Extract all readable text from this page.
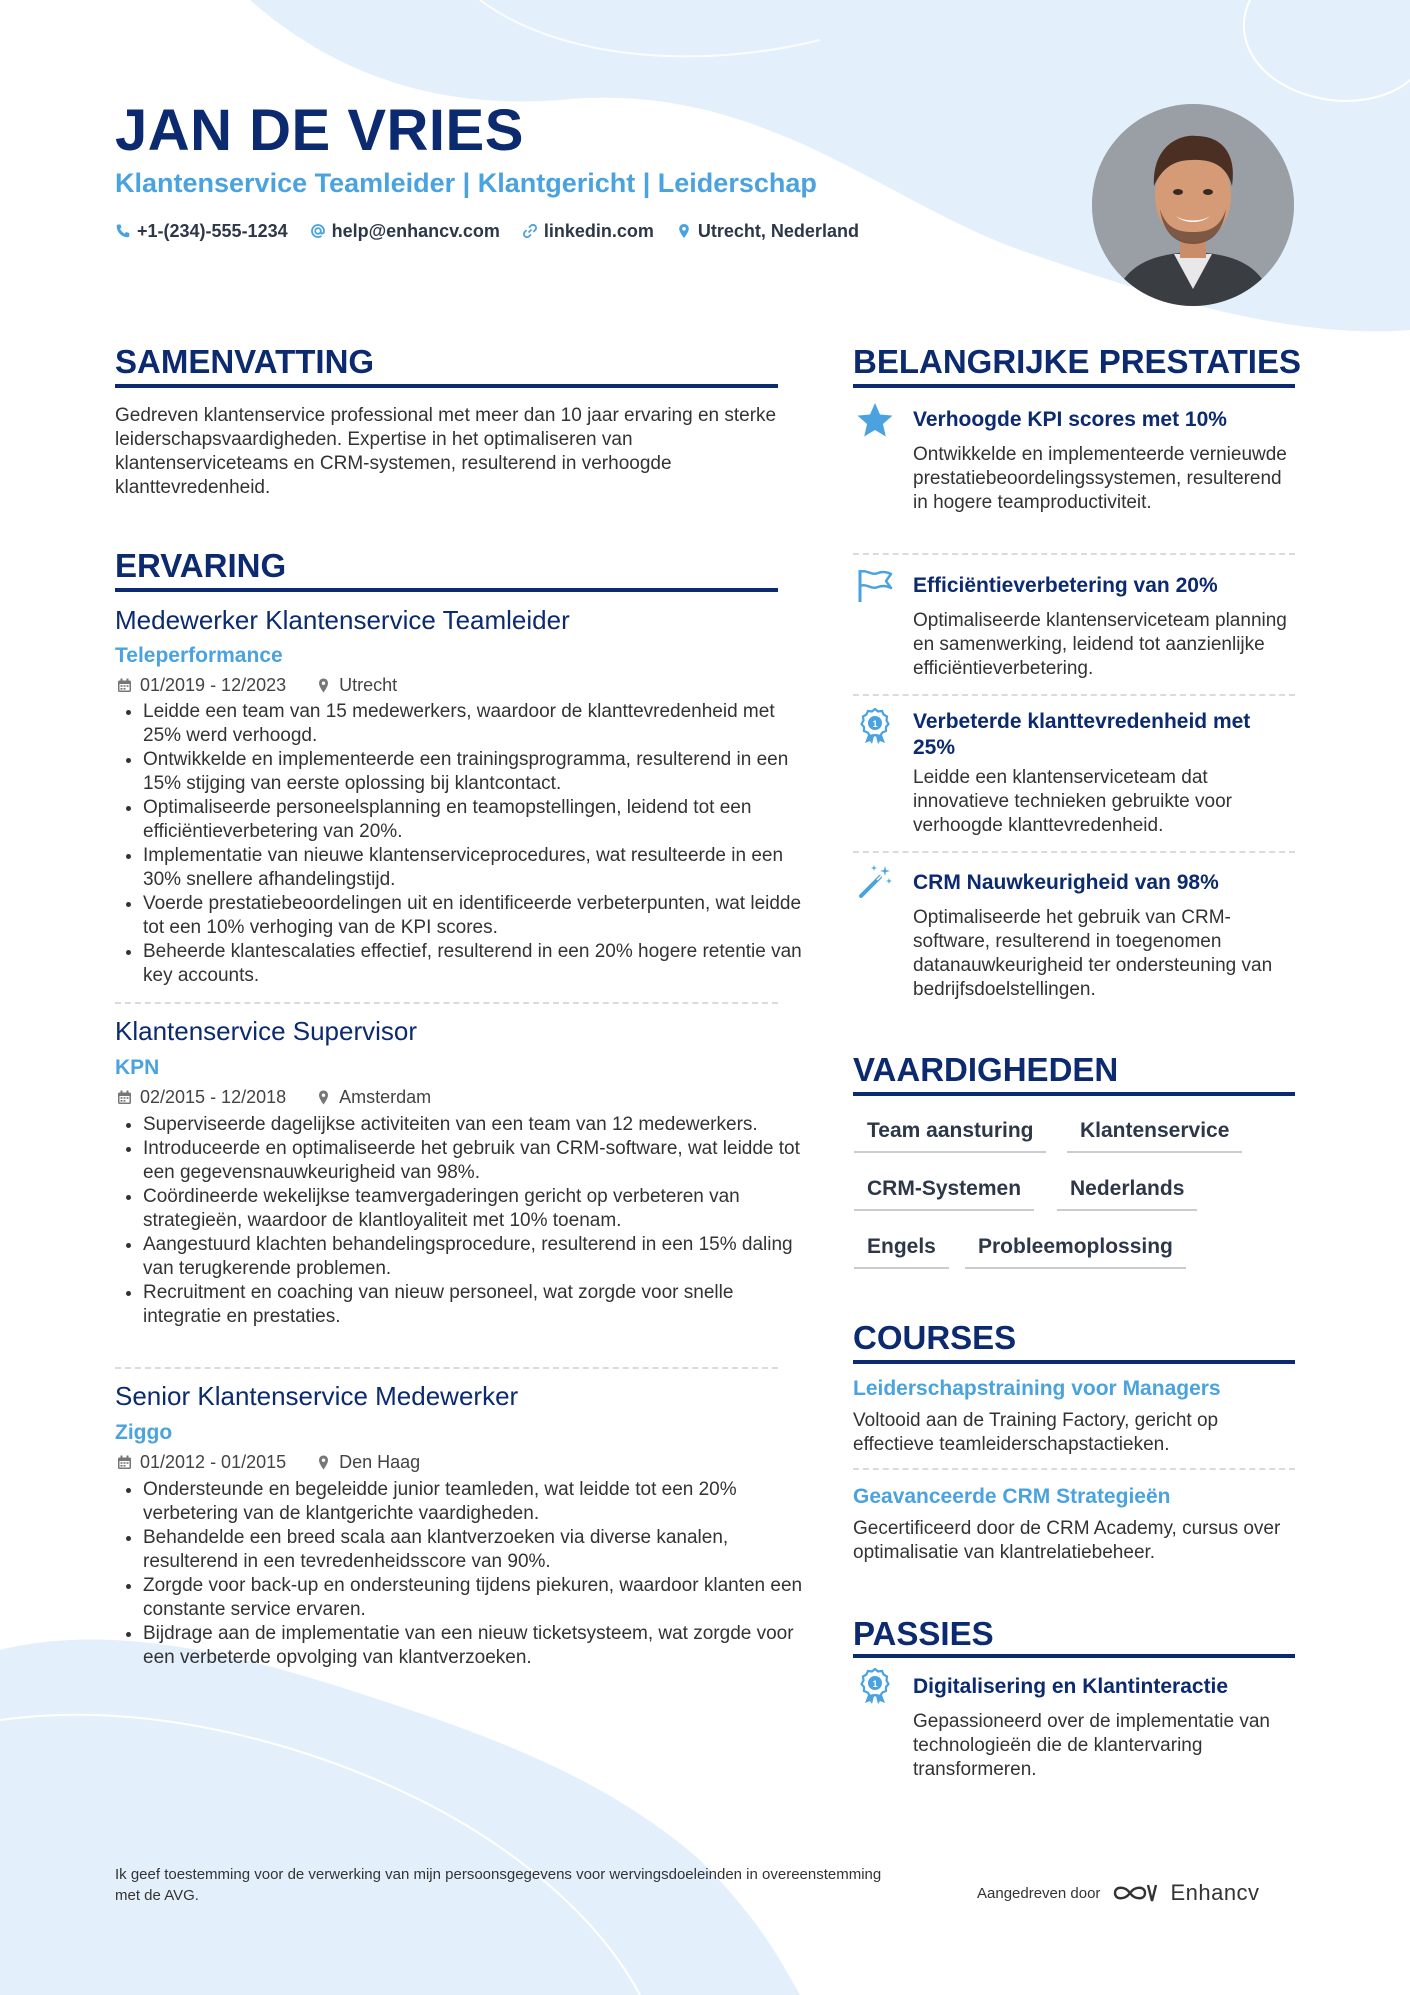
JAN DE VRIES
Klantenservice Teamleider | Klantgericht | Leiderschap
+1-(234)-555-1234 help@enhancv.com linkedin.com Utrecht, Nederland
SAMENVATTING

Gedreven klantenservice professional met meer dan 10 jaar ervaring en sterke leiderschapsvaardigheden. Expertise in het optimaliseren van klantenserviceteams en CRM-systemen, resulterend in verhoogde klanttevredenheid.

ERVARING
Medewerker Klantenservice Teamleider
Teleperformance
01/2019 - 12/2023	Utrecht
• Leidde een team van 15 medewerkers, waardoor de klanttevredenheid met 25% werd verhoogd.
• Ontwikkelde en implementeerde een trainingsprogramma, resulterend in een 15% stijging van eerste oplossing bij klantcontact.
• Optimaliseerde personeelsplanning en teamopstellingen, leidend tot een efficiëntieverbetering van 20%.
• Implementatie van nieuwe klantenserviceprocedures, wat resulteerde in een 30% snellere afhandelingstijd.
• Voerde prestatiebeoordelingen uit en identificeerde verbeterpunten, wat leidde tot een 10% verhoging van de KPI scores.
• Beheerde klantescalaties effectief, resulterend in een 20% hogere retentie van key accounts.
Klantenservice Supervisor
KPN
02/2015 - 12/2018	Amsterdam
• Superviseerde dagelijkse activiteiten van een team van 12 medewerkers.
• Introduceerde en optimaliseerde het gebruik van CRM-software, wat leidde tot een gegevensnauwkeurigheid van 98%.
• Coördineerde wekelijkse teamvergaderingen gericht op verbeteren van strategieën, waardoor de klantloyaliteit met 10% toenam.
• Aangestuurd klachten behandelingsprocedure, resulterend in een 15% daling van terugkerende problemen.
• Recruitment en coaching van nieuw personeel, wat zorgde voor snelle integratie en prestaties.
Senior Klantenservice Medewerker
Ziggo
01/2012 - 01/2015	Den Haag
• Ondersteunde en begeleidde junior teamleden, wat leidde tot een 20% verbetering van de klantgerichte vaardigheden.
• Behandelde een breed scala aan klantverzoeken via diverse kanalen, resulterend in een tevredenheidsscore van 90%.
• Zorgde voor back-up en ondersteuning tijdens piekuren, waardoor klanten een constante service ervaren.
• Bijdrage aan de implementatie van een nieuw ticketsysteem, wat zorgde voor een verbeterde opvolging van klantverzoeken.
BELANGRIJKE PRESTATIES
Verhoogde KPI scores met 10%

Ontwikkelde en implementeerde vernieuwde prestatiebeoordelingssystemen, resulterend in hogere teamproductiviteit.

Efficiëntieverbetering van 20%

Optimaliseerde klantenserviceteam planning en samenwerking, leidend tot aanzienlijke efficiëntieverbetering.

1 Verbeterde klanttevredenheid met 25%

Leidde een klantenserviceteam dat innovatieve technieken gebruikte voor verhoogde klanttevredenheid.

CRM Nauwkeurigheid van 98%

Optimaliseerde het gebruik van CRM-software, resulterend in toegenomen datanauwkeurigheid ter ondersteuning van bedrijfsdoelstellingen.

VAARDIGHEDEN
Team aansturing	Klantenservice
CRM-Systemen	Nederlands
Engels	Probleemoplossing
COURSES
Leiderschapstraining voor Managers

Voltooid aan de Training Factory, gericht op effectieve teamleiderschapstactieken.

Geavanceerde CRM Strategieën

Gecertificeerd door de CRM Academy, cursus over optimalisatie van klantrelatiebeheer.

PASSIES
1 Digitalisering en Klantinteractie

Gepassioneerd over de implementatie van technologieën die de klantervaring transformeren.

Ik geef toestemming voor de verwerking van mijn persoonsgegevens voor wervingsdoeleinden in overeenstemming met de AVG.	Aangedreven door	Enhancv
